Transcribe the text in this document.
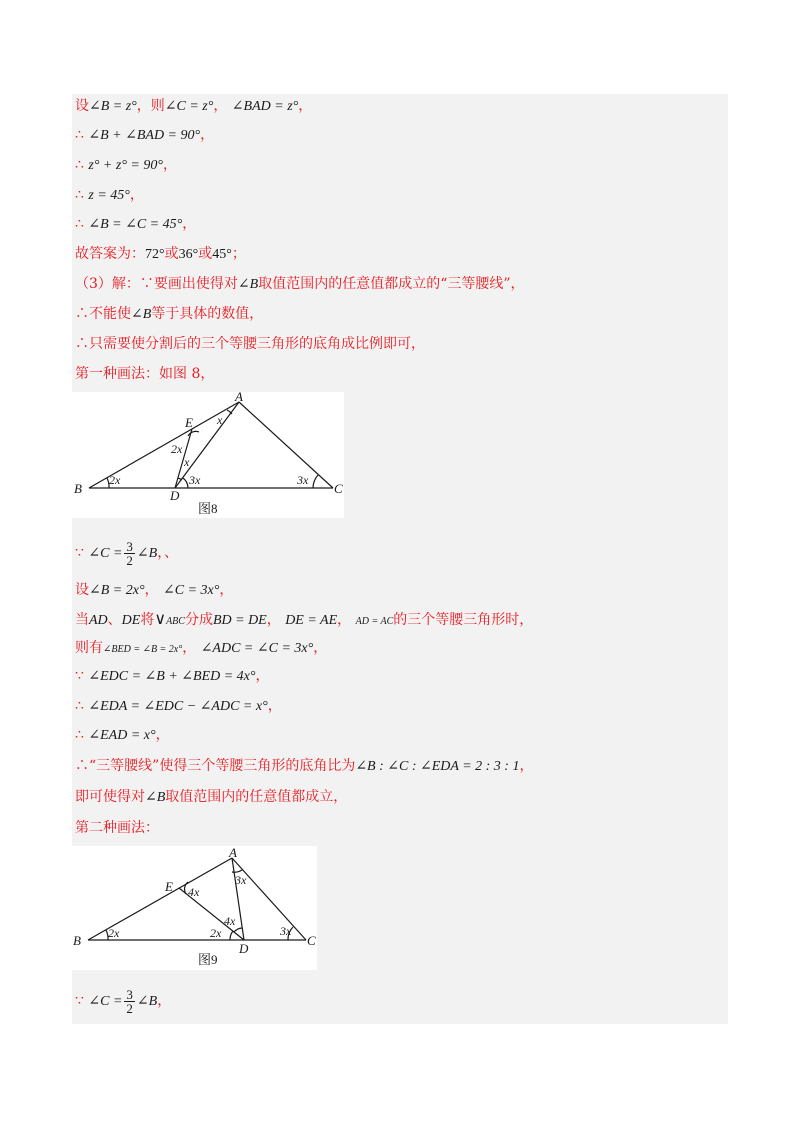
设∠B = z°，则∠C = z°， ∠BAD = z°，
∴ ∠B + ∠BAD = 90°，
∴ z° + z° = 90°，
∴ z = 45°，
∴ ∠B = ∠C = 45°，
故答案为：72°或36°或45°；
（3）解：∵要画出使得对∠B取值范围内的任意值都成立的“三等腰线”，
∴不能使∠B等于具体的数值，
∴只需要使分割后的三个等腰三角形的底角成比例即可，
第一种画法：如图 8，
A
B	C
D
E
2x	3x
3x
2x
x
x
图8
∵ ∠C = $\frac{3}{2}$ ∠B，、
设∠B = 2x°， ∠C = 3x°，
当AD、DE将∨ABC分成BD = DE， DE = AE， AD = AC的三个等腰三角形时，
则有∠BED = ∠B = 2x°， ∠ADC = ∠C = 3x°，
∵ ∠EDC = ∠B + ∠BED = 4x°，
∴ ∠EDA = ∠EDC − ∠ADC = x°，
∴ ∠EAD = x°，
∴“三等腰线”使得三个等腰三角形的底角比为∠B : ∠C : ∠EDA = 2 : 3 : 1，
即可使得对∠B取值范围内的任意值都成立，
第二种画法：
A
B	C
D
E
2x	3x
3x
4x
4x
2x
图9
∵ ∠C = $\frac{3}{2}$ ∠B，
